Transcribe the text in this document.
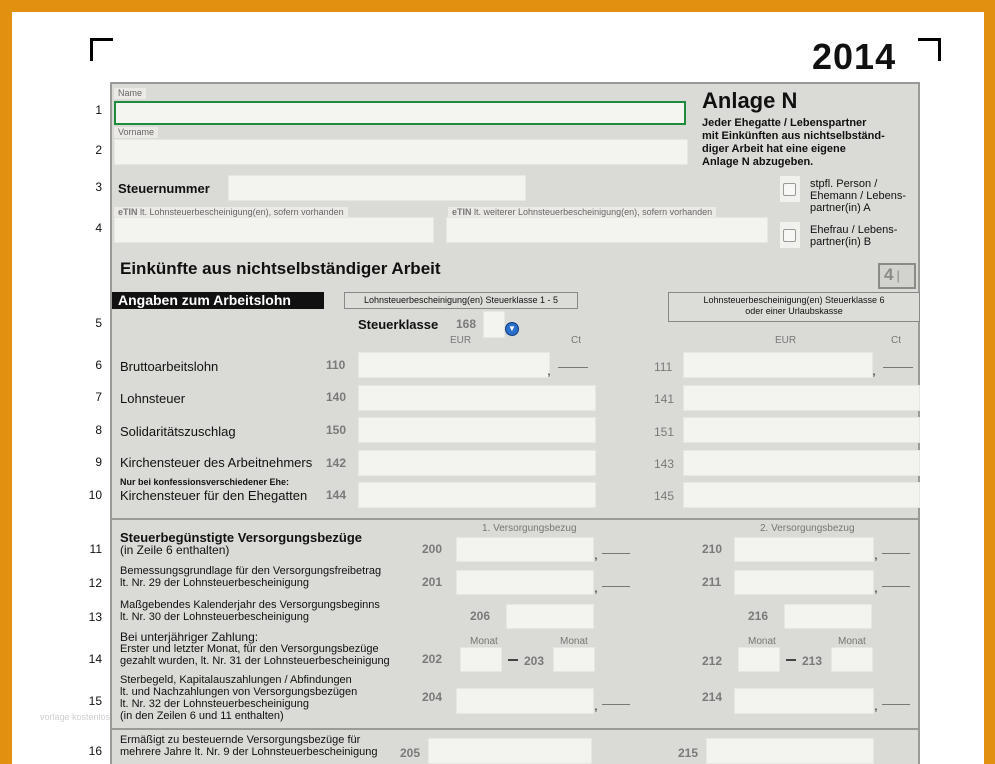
2014
1
2
3
4
5
6
7
8
9
10
11
12
13
14
15
16
Name
Vorname
Anlage N
Jeder Ehegatte / Lebenspartner
mit Einkünften aus nichtselbständ-
diger Arbeit hat eine eigene
Anlage N abzugeben.
Steuernummer	stpfl. Person /
Ehemann / Lebens-
partner(in) A
Ehefrau / Lebens-
partner(in) B
eTIN lt. Lohnsteuerbescheinigung(en), sofern vorhanden	eTIN lt. weiterer Lohnsteuerbescheinigung(en), sofern vorhanden
Einkünfte aus nichtselbständiger Arbeit	4 |
Angaben zum Arbeitslohn	Lohnsteuerbescheinigung(en) Steuerklasse 1 - 5	Lohnsteuerbescheinigung(en) Steuerklasse 6
oder einer Urlaubskasse
Steuerklasse 168	▼
EUR	Ct	EUR	Ct
Bruttoarbeitslohn	110	,	111	,
Lohnsteuer	140	141
Solidaritätszuschlag	150	151
Kirchensteuer des Arbeitnehmers 142	143
Nur bei konfessionsverschiedener Ehe:
Kirchensteuer für den Ehegatten 144	145
1. Versorgungsbezug	2. Versorgungsbezug
Steuerbegünstigte Versorgungsbezüge
(in Zeile 6 enthalten)	200	,	210	,
Bemessungsgrundlage für den Versorgungsfreibetrag
lt. Nr. 29 der Lohnsteuerbescheinigung	201	,	211	,
Maßgebendes Kalenderjahr des Versorgungsbeginns
lt. Nr. 30 der Lohnsteuerbescheinigung	206	216
Bei unterjähriger Zahlung:
Erster und letzter Monat, für den Versorgungsbezüge
gezahlt wurden, lt. Nr. 31 der Lohnsteuerbescheinigung
Monat	Monat	Monat	Monat
202	203	212	213
Sterbegeld, Kapitalauszahlungen / Abfindungen
lt. und Nachzahlungen von Versorgungsbezügen
lt. Nr. 32 der Lohnsteuerbescheinigung
(in den Zeilen 6 und 11 enthalten)
204	,	214	,
Ermäßigt zu besteuernde Versorgungsbezüge für
mehrere Jahre lt. Nr. 9 der Lohnsteuerbescheinigung 205	215
vorlage kostenlos
